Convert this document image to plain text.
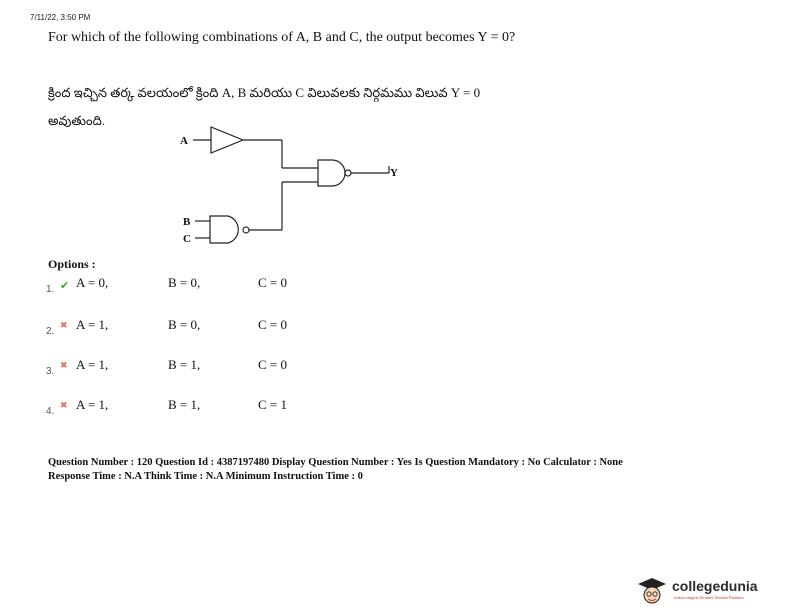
7/11/22, 3:50 PM
For which of the following combinations of A, B and C, the output becomes Y = 0?
క్రింద ఇచ్చిన తర్క వలయంలో క్రింది A, B మరియు C విలువలకు నిర్గమము విలువ Y = 0
అవుతుంది.
A
B
C
Y
Options :
1. ✔ A = 0,	B = 0,	C = 0
2. ✖ A = 1,	B = 0,	C = 0
3. ✖ A = 1,	B = 1,	C = 0
4. ✖ A = 1,	B = 1,	C = 1
Question Number : 120 Question Id : 4387197480 Display Question Number : Yes Is Question Mandatory : No Calculator : None
Response Time : N.A Think Time : N.A Minimum Instruction Time : 0
collegedunia
India's largest Student Review Platform
